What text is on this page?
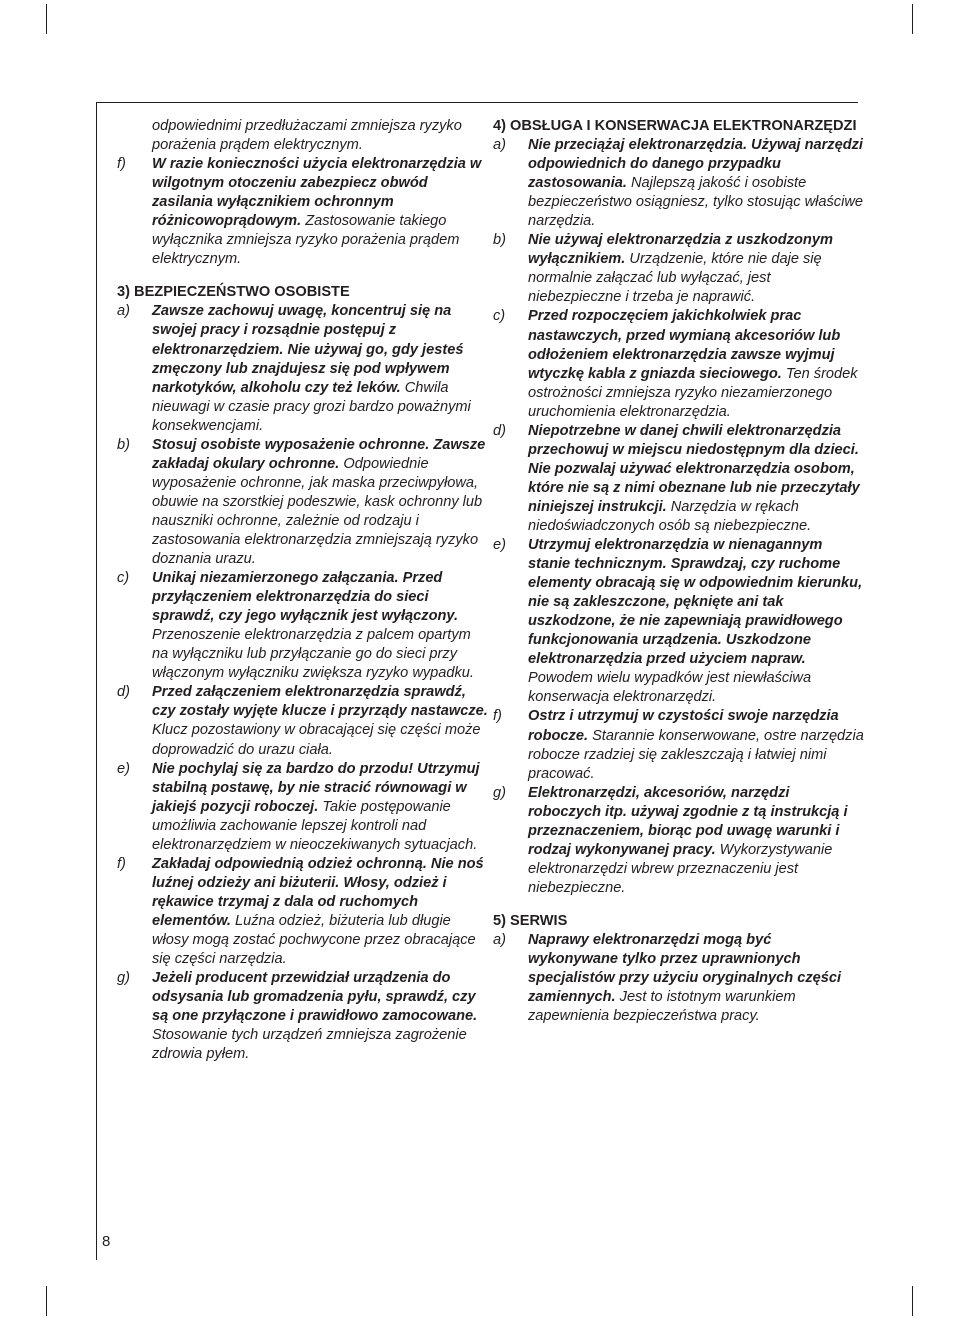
8
odpowiednimi przedłużaczami zmniejsza ryzyko porażenia prądem elektrycznym.
f) W razie konieczności użycia elektronarzędzia w wilgotnym otoczeniu zabezpiecz obwód zasilania wyłącznikiem ochronnym różnicowoprądowym. Zastosowanie takiego wyłącznika zmniejsza ryzyko porażenia prądem elektrycznym.
3) BEZPIECZEŃSTWO OSOBISTE
a) Zawsze zachowuj uwagę, koncentruj się na swojej pracy i rozsądnie postępuj z elektronarzędziem. Nie używaj go, gdy jesteś zmęczony lub znajdujesz się pod wpływem narkotyków, alkoholu czy też leków. Chwila nieuwagi w czasie pracy grozi bardzo poważnymi konsekwencjami.
b) Stosuj osobiste wyposażenie ochronne. Zawsze zakładaj okulary ochronne. Odpowiednie wyposażenie ochronne, jak maska przeciwpyłowa, obuwie na szorstkiej podeszwie, kask ochronny lub nauszniki ochronne, zależnie od rodzaju i zastosowania elektronarzędzia zmniejszają ryzyko doznania urazu.
c) Unikaj niezamierzonego załączania. Przed przyłączeniem elektronarzędzia do sieci sprawdź, czy jego wyłącznik jest wyłączony. Przenoszenie elektronarzędzia z palcem opartym na wyłączniku lub przyłączanie go do sieci przy włączonym wyłączniku zwiększa ryzyko wypadku.
d) Przed załączeniem elektronarzędzia sprawdź, czy zostały wyjęte klucze i przyrządy nastawcze. Klucz pozostawiony w obracającej się części może doprowadzić do urazu ciała.
e) Nie pochylaj się za bardzo do przodu! Utrzymuj stabilną postawę, by nie stracić równowagi w jakiejś pozycji roboczej. Takie postępowanie umożliwia zachowanie lepszej kontroli nad elektronarzędziem w nieoczekiwanych sytuacjach.
f) Zakładaj odpowiednią odzież ochronną. Nie noś luźnej odzieży ani biżuterii. Włosy, odzież i rękawice trzymaj z dala od ruchomych elementów. Luźna odzież, biżuteria lub długie włosy mogą zostać pochwycone przez obracające się części narzędzia.
g) Jeżeli producent przewidział urządzenia do odsysania lub gromadzenia pyłu, sprawdź, czy są one przyłączone i prawidłowo zamocowane. Stosowanie tych urządzeń zmniejsza zagrożenie zdrowia pyłem.
4) OBSŁUGA I KONSERWACJA ELEKTRONARZĘDZI
a) Nie przeciążaj elektronarzędzia. Używaj narzędzi odpowiednich do danego przypadku zastosowania. Najlepszą jakość i osobiste bezpieczeństwo osiągniesz, tylko stosując właściwe narzędzia.
b) Nie używaj elektronarzędzia z uszkodzonym wyłącznikiem. Urządzenie, które nie daje się normalnie załączać lub wyłączać, jest niebezpieczne i trzeba je naprawić.
c) Przed rozpoczęciem jakichkolwiek prac nastawczych, przed wymianą akcesoriów lub odłożeniem elektronarzędzia zawsze wyjmuj wtyczkę kabla z gniazda sieciowego. Ten środek ostrożności zmniejsza ryzyko niezamierzonego uruchomienia elektronarzędzia.
d) Niepotrzebne w danej chwili elektronarzędzia przechowuj w miejscu niedostępnym dla dzieci. Nie pozwalaj używać elektronarzędzia osobom, które nie są z nimi obeznane lub nie przeczytały niniejszej instrukcji. Narzędzia w rękach niedoświadczonych osób są niebezpieczne.
e) Utrzymuj elektronarzędzia w nienagannym stanie technicznym. Sprawdzaj, czy ruchome elementy obracają się w odpowiednim kierunku, nie są zakleszczone, pęknięte ani tak uszkodzone, że nie zapewniają prawidłowego funkcjonowania urządzenia. Uszkodzone elektronarzędzia przed użyciem napraw. Powodem wielu wypadków jest niewłaściwa konserwacja elektronarzędzi.
f) Ostrz i utrzymuj w czystości swoje narzędzia robocze. Starannie konserwowane, ostre narzędzia robocze rzadziej się zakleszczają i łatwiej nimi pracować.
g) Elektronarzędzi, akcesoriów, narzędzi roboczych itp. używaj zgodnie z tą instrukcją i przeznaczeniem, biorąc pod uwagę warunki i rodzaj wykonywanej pracy. Wykorzystywanie elektronarzędzi wbrew przeznaczeniu jest niebezpieczne.
5) SERWIS
a) Naprawy elektronarzędzi mogą być wykonywane tylko przez uprawnionych specjalistów przy użyciu oryginalnych części zamiennych. Jest to istotnym warunkiem zapewnienia bezpieczeństwa pracy.
